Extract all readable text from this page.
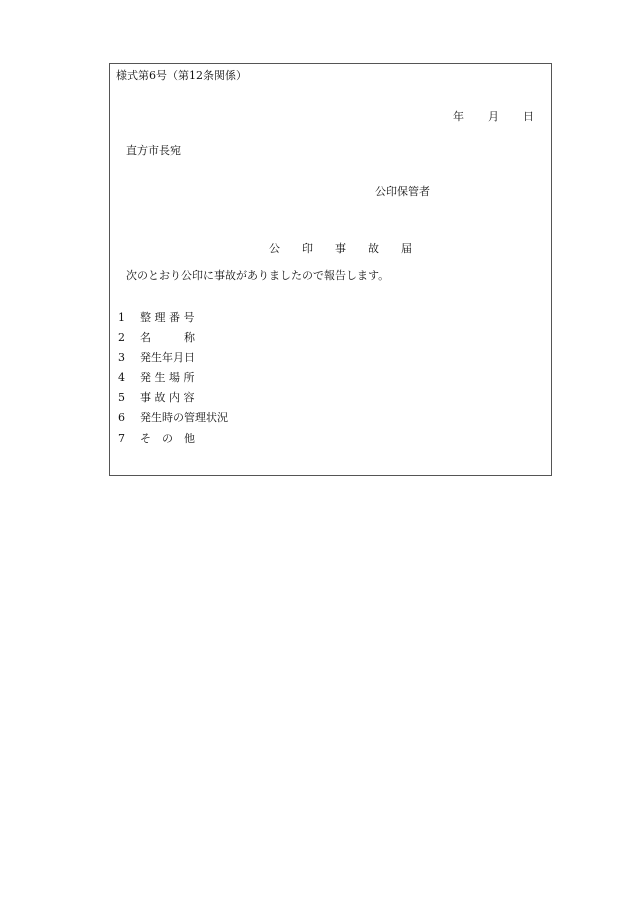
様式第6号（第12条関係）

年 月 日

直方市長宛
公印保管者

公 印 事 故 届

次のとおり公印に事故がありましたので報告します。

1

整 理 番 号

2

名　　　称

3

発生年月日

4

発 生 場 所

5

事 故 内 容

6

発生時の管理状況

7

そ　の　他
